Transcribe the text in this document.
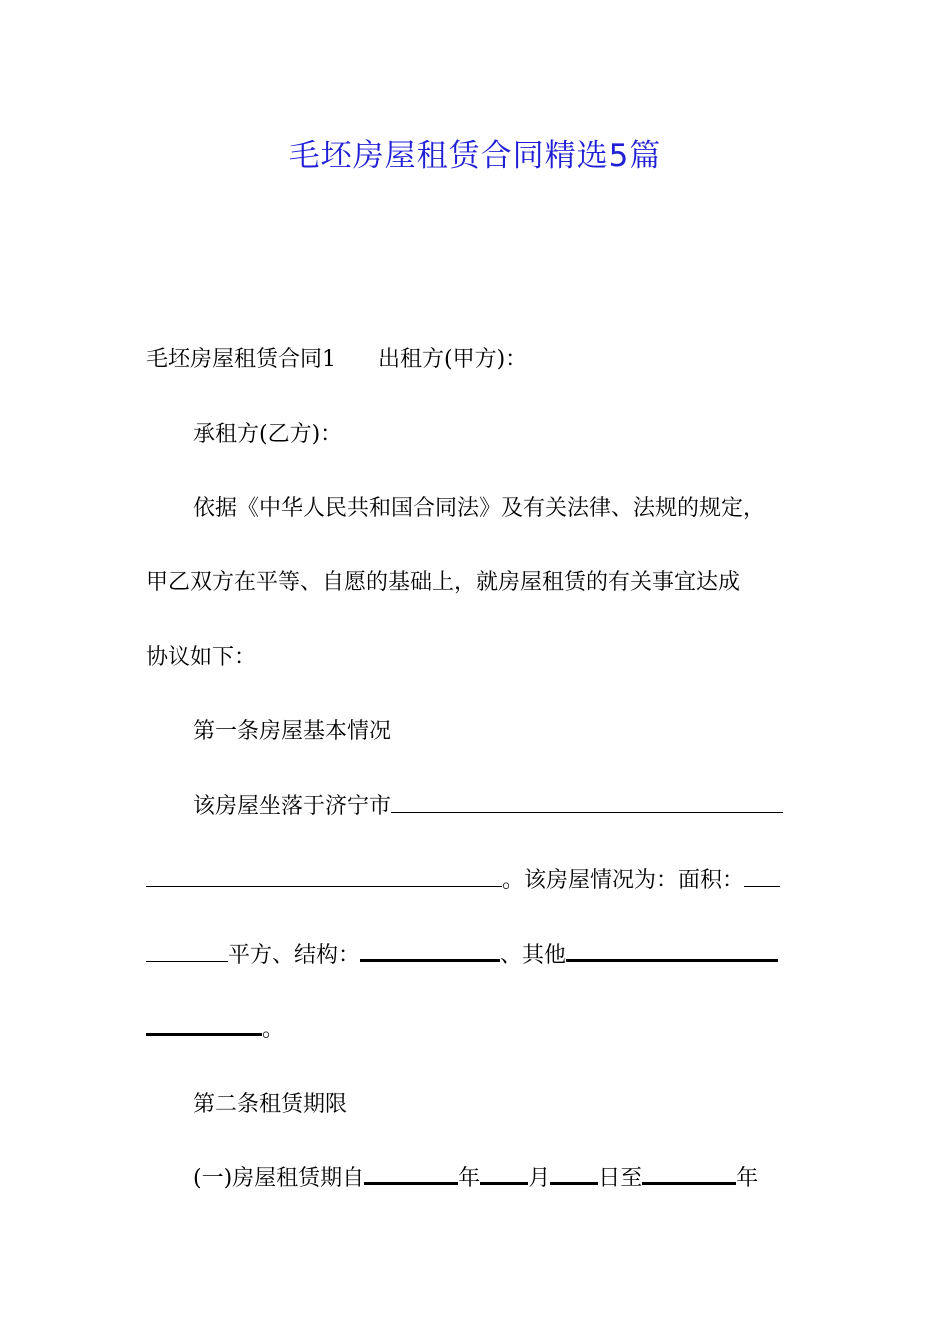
毛坯房屋租赁合同精选5篇
毛坯房屋租赁合同1 出租方(甲方)：
承租方(乙方)：
依据《中华人民共和国合同法》及有关法律、法规的规定，
甲乙双方在平等、自愿的基础上，就房屋租赁的有关事宜达成
协议如下：
第一条房屋基本情况
该房屋坐落于济宁市
。该房屋情况为：面积：
平方、结构：	、其他
。
第二条租赁期限
(一)房屋租赁期自	年 月 日至	年
